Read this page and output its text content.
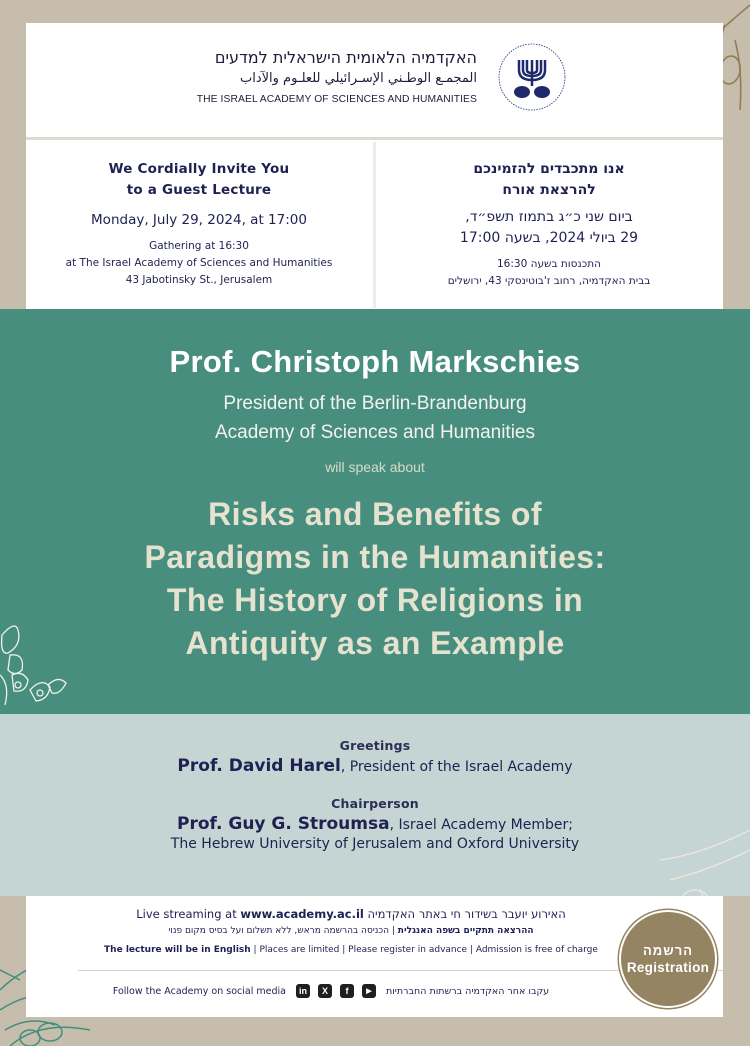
האקדמיה הלאומית הישראלית למדעים
المجمـع الوطـني الإسـرائيلي للعلـوم والآداب
THE ISRAEL ACADEMY OF SCIENCES AND HUMANITIES
We Cordially Invite You
to a Guest Lecture
Monday, July 29, 2024, at 17:00
Gathering at 16:30
at The Israel Academy of Sciences and Humanities
43 Jabotinsky St., Jerusalem
אנו מתכבדים להזמינכם
להרצאת אורח
ביום שני כ״ג בתמוז תשפ״ד,
29 ביולי 2024, בשעה 17:00
התכנסות בשעה 16:30
בבית האקדמיה, רחוב ז'בוטינסקי 43, ירושלים
Prof. Christoph Markschies
President of the Berlin-Brandenburg
Academy of Sciences and Humanities
will speak about
Risks and Benefits of
Paradigms in the Humanities:
The History of Religions in
Antiquity as an Example
Greetings
Prof. David Harel, President of the Israel Academy
Chairperson
Prof. Guy G. Stroumsa, Israel Academy Member;
The Hebrew University of Jerusalem and Oxford University
Live streaming at www.academy.ac.il האירוע יועבר בשידור חי באתר האקדמיה
ההרצאה תתקיים בשפה האנגלית | הכניסה בהרשמה מראש, ללא תשלום ועל בסיס מקום פנוי
The lecture will be in English | Places are limited | Please register in advance | Admission is free of charge
Follow the Academy on social media	in	X	f	▶	עקבו אחר האקדמיה ברשתות החברתיות
הרשמה
Registration
